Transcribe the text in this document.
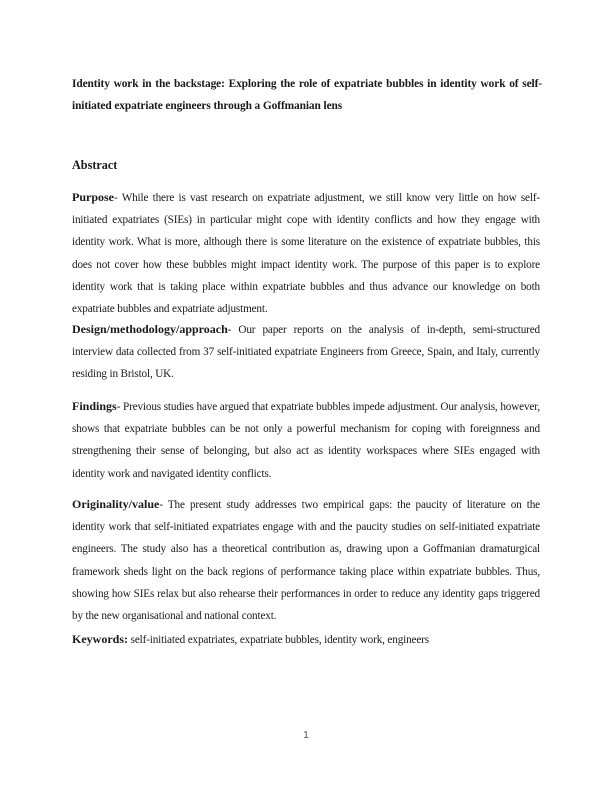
Identity work in the backstage: Exploring the role of expatriate bubbles in identity work of self-initiated expatriate engineers through a Goffmanian lens

Abstract

Purpose- While there is vast research on expatriate adjustment, we still know very little on how self-initiated expatriates (SIEs) in particular might cope with identity conflicts and how they engage with identity work. What is more, although there is some literature on the existence of expatriate bubbles, this does not cover how these bubbles might impact identity work. The purpose of this paper is to explore identity work that is taking place within expatriate bubbles and thus advance our knowledge on both expatriate bubbles and expatriate adjustment.

Design/methodology/approach- Our paper reports on the analysis of in-depth, semi-structured interview data collected from 37 self-initiated expatriate Engineers from Greece, Spain, and Italy, currently residing in Bristol, UK.

Findings- Previous studies have argued that expatriate bubbles impede adjustment. Our analysis, however, shows that expatriate bubbles can be not only a powerful mechanism for coping with foreignness and strengthening their sense of belonging, but also act as identity workspaces where SIEs engaged with identity work and navigated identity conflicts.

Originality/value- The present study addresses two empirical gaps: the paucity of literature on the identity work that self-initiated expatriates engage with and the paucity studies on self-initiated expatriate engineers. The study also has a theoretical contribution as, drawing upon a Goffmanian dramaturgical framework sheds light on the back regions of performance taking place within expatriate bubbles. Thus, showing how SIEs relax but also rehearse their performances in order to reduce any identity gaps triggered by the new organisational and national context.

Keywords: self-initiated expatriates, expatriate bubbles, identity work, engineers

1
